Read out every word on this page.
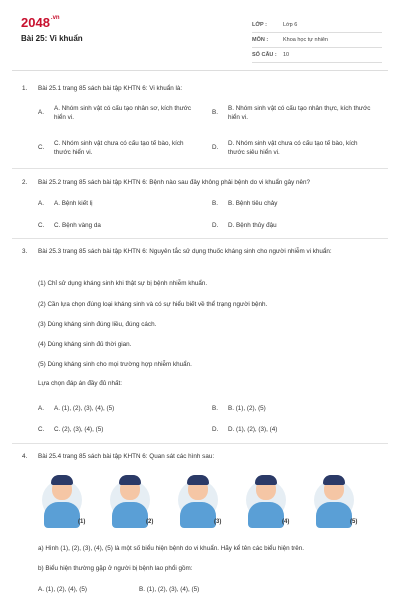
$2048^{.vn}$
Bài 25: Vi khuẩn
LỚP :	Lớp 6
MÔN :	Khoa học tự nhiên
SỐ CÂU :	10
1. Bài 25.1 trang 85 sách bài tập KHTN 6: Vi khuẩn là:
A.
A. Nhóm sinh vật có cấu tạo nhân sơ, kích thước hiển vi.
B.
B. Nhóm sinh vật có cấu tạo nhân thực, kích thước hiển vi.
C.
C. Nhóm sinh vật chưa có cấu tạo tế bào, kích thước hiển vi.
D.
D. Nhóm sinh vật chưa có cấu tạo tế bào, kích thước siêu hiển vi.
2. Bài 25.2 trang 85 sách bài tập KHTN 6: Bệnh nào sau đây không phải bệnh do vi khuẩn gây nên?
A. A. Bệnh kiết lị	B. B. Bệnh tiêu chảy
C. C. Bệnh vàng da	D. D. Bệnh thủy đậu
3. Bài 25.3 trang 85 sách bài tập KHTN 6: Nguyên tắc sử dụng thuốc kháng sinh cho người nhiễm vi khuẩn:
(1) Chỉ sử dụng kháng sinh khi thật sự bị bệnh nhiễm khuẩn.
(2) Cần lựa chọn đúng loại kháng sinh và có sự hiểu biết về thể trạng người bệnh.
(3) Dùng kháng sinh đúng liều, đúng cách.
(4) Dùng kháng sinh đủ thời gian.
(5) Dùng kháng sinh cho mọi trường hợp nhiễm khuẩn.
Lựa chọn đáp án đầy đủ nhất:
A. A. (1), (2), (3), (4), (5)	B. B. (1), (2), (5)
C. C. (2), (3), (4), (5)	D. D. (1), (2), (3), (4)
4. Bài 25.4 trang 85 sách bài tập KHTN 6: Quan sát các hình sau:
(1)	(2)	(3)	(4)	(5)
a) Hình (1), (2), (3), (4), (5) là một số biểu hiện bệnh do vi khuẩn. Hãy kể tên các biểu hiện trên.
b) Biểu hiện thường gặp ở người bị bệnh lao phổi gồm:
A. (1), (2), (4), (5)	B. (1), (2), (3), (4), (5)
